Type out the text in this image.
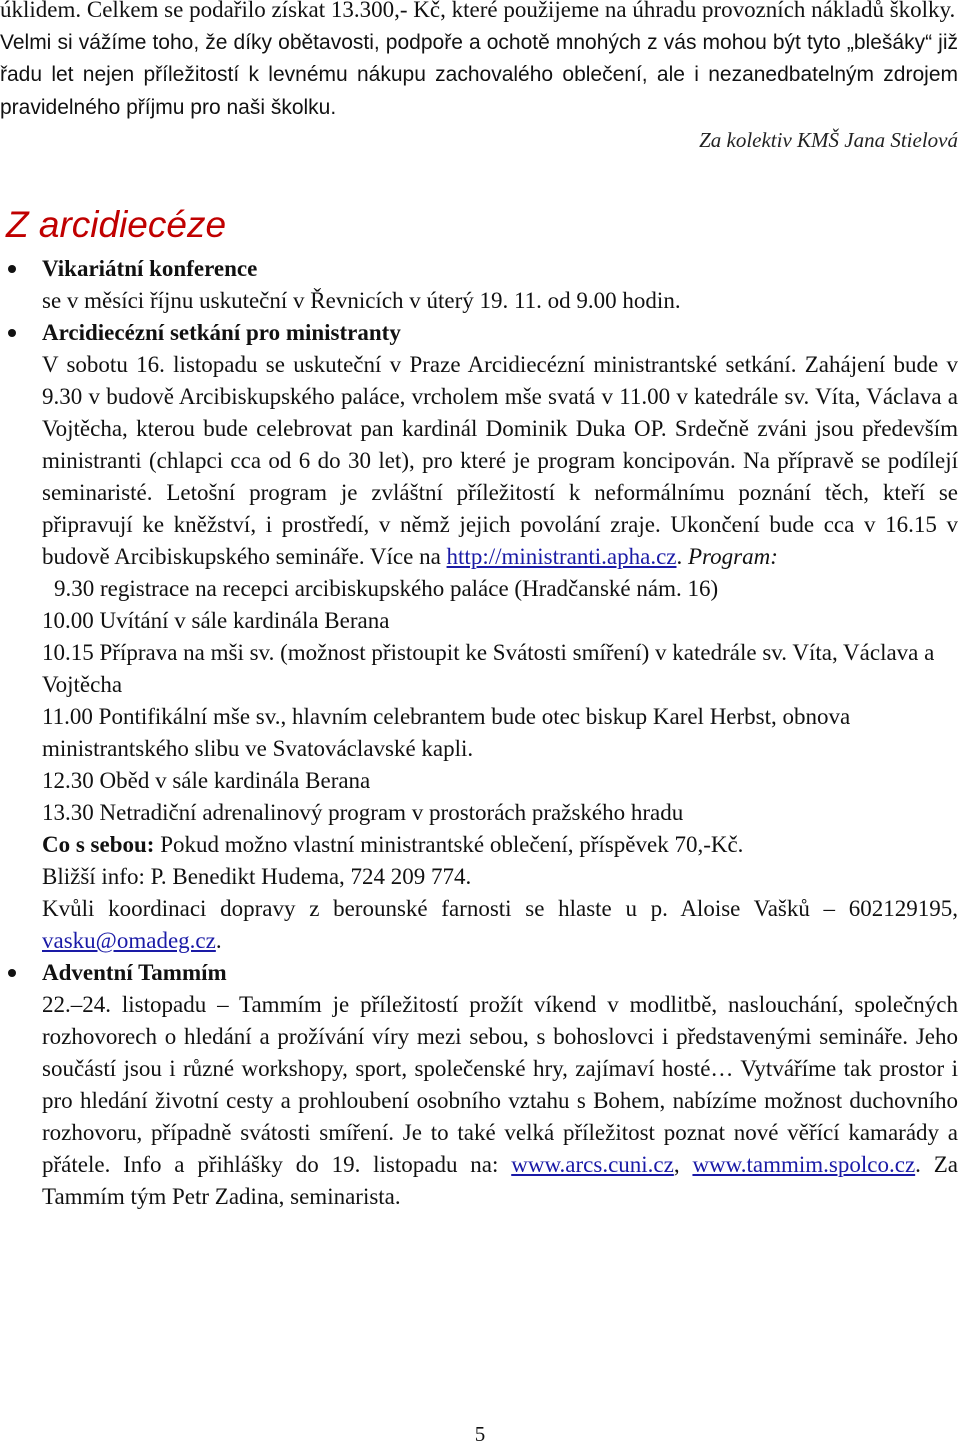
úklidem. Celkem se podařilo získat 13.300,- Kč, které použijeme na úhradu provozních nákladů školky.

Velmi si vážíme toho, že díky obětavosti, podpoře a ochotě mnohých z vás mohou být tyto „blešáky“ již řadu let nejen příležitostí k levnému nákupu zachovalého oblečení, ale i nezanedbatelným zdrojem pravidelného příjmu pro naši školku.

Za kolektiv KMŠ Jana Stielová

Z arcidiecéze

Vikariátní konference

se v měsíci říjnu uskuteční v Řevnicích v úterý 19. 11. od 9.00 hodin.

Arcidiecézní setkání pro ministranty

V sobotu 16. listopadu se uskuteční v Praze Arcidiecézní ministrantské setkání. Zahájení bude v 9.30 v budově Arcibiskupského paláce, vrcholem mše svatá v 11.00 v katedrále sv. Víta, Václava a Vojtěcha, kterou bude celebrovat pan kardinál Dominik Duka OP. Srdečně zváni jsou především ministranti (chlapci cca od 6 do 30 let), pro které je program koncipován. Na přípravě se podílejí seminaristé. Letošní program je zvláštní příležitostí k neformálnímu poznání těch, kteří se připravují ke kněžství, i prostředí, v němž jejich povolání zraje. Ukončení bude cca v 16.15 v budově Arcibiskupského semináře. Více na http://ministranti.apha.cz. Program:

9.30 registrace na recepci arcibiskupského paláce (Hradčanské nám. 16)
10.00 Uvítání v sále kardinála Berana
10.15 Příprava na mši sv. (možnost přistoupit ke Svátosti smíření) v katedrále sv. Víta, Václava a Vojtěcha
11.00 Pontifikální mše sv., hlavním celebrantem bude otec biskup Karel Herbst, obnova ministrantského slibu ve Svatováclavské kapli.
12.30 Oběd v sále kardinála Berana
13.30 Netradiční adrenalinový program v prostorách pražského hradu

Co s sebou: Pokud možno vlastní ministrantské oblečení, příspěvek 70,-Kč.

Bližší info: P. Benedikt Hudema, 724 209 774.

Kvůli koordinaci dopravy z berounské farnosti se hlaste u p. Aloise Vašků – 602129195, vasku@omadeg.cz.

Adventní Tammím

22.–24. listopadu – Tammím je příležitostí prožít víkend v modlitbě, naslouchání, společných rozhovorech o hledání a prožívání víry mezi sebou, s bohoslovci i představenými semináře. Jeho součástí jsou i různé workshopy, sport, společenské hry, zajímaví hosté… Vytváříme tak prostor i pro hledání životní cesty a prohloubení osobního vztahu s Bohem, nabízíme možnost duchovního rozhovoru, případně svátosti smíření. Je to také velká příležitost poznat nové věřící kamarády a přátele. Info a přihlášky do 19. listopadu na: www.arcs.cuni.cz, www.tammim.spolco.cz. Za Tammím tým Petr Zadina, seminarista.

5
